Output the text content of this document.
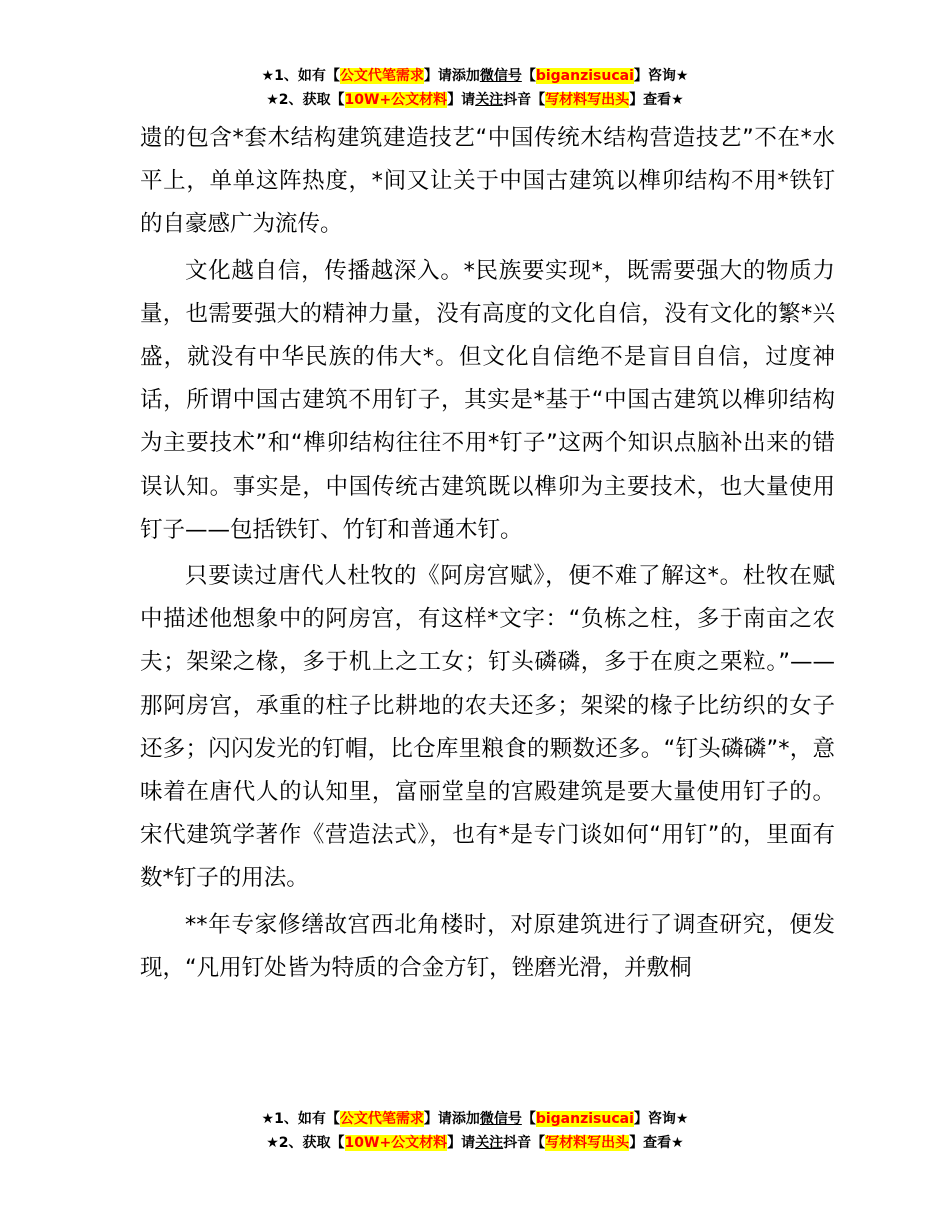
★1、如有【公文代笔需求】请添加微信号【biganzisucai】咨询★
★2、获取【10W+公文材料】请关注抖音【写材料写出头】查看★

遗的包含*套木结构建筑建造技艺“中国传统木结构营造技艺”不在*水平上，单单这阵热度，*间又让关于中国古建筑以榫卯结构不用*铁钉的自豪感广为流传。

文化越自信，传播越深入。*民族要实现*，既需要强大的物质力量，也需要强大的精神力量，没有高度的文化自信，没有文化的繁*兴盛，就没有中华民族的伟大*。但文化自信绝不是盲目自信，过度神话，所谓中国古建筑不用钉子，其实是*基于“中国古建筑以榫卯结构为主要技术”和“榫卯结构往往不用*钉子”这两个知识点脑补出来的错误认知。事实是，中国传统古建筑既以榫卯为主要技术，也大量使用钉子——包括铁钉、竹钉和普通木钉。

只要读过唐代人杜牧的《阿房宫赋》，便不难了解这*。杜牧在赋中描述他想象中的阿房宫，有这样*文字：“负栋之柱，多于南亩之农夫；架梁之椽，多于机上之工女；钉头磷磷，多于在庾之栗粒。”——那阿房宫，承重的柱子比耕地的农夫还多；架梁的椽子比纺织的女子还多；闪闪发光的钉帽，比仓库里粮食的颗数还多。“钉头磷磷”*，意味着在唐代人的认知里，富丽堂皇的宫殿建筑是要大量使用钉子的。宋代建筑学著作《营造法式》，也有*是专门谈如何“用钉”的，里面有数*钉子的用法。

**年专家修缮故宫西北角楼时，对原建筑进行了调查研究，便发现，“凡用钉处皆为特质的合金方钉，锉磨光滑，并敷桐

★1、如有【公文代笔需求】请添加微信号【biganzisucai】咨询★
★2、获取【10W+公文材料】请关注抖音【写材料写出头】查看★
